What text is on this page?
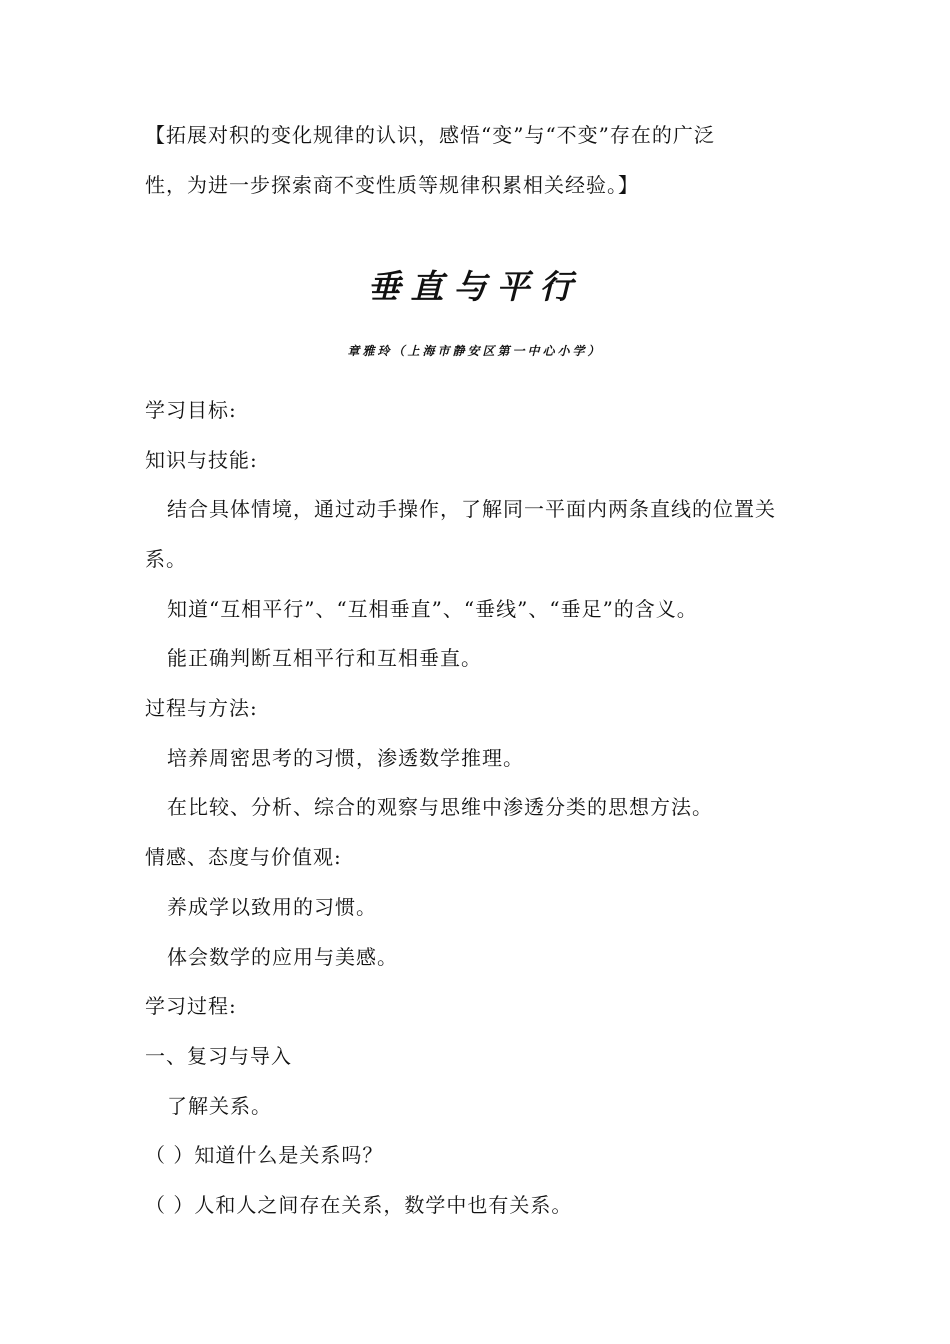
【拓展对积的变化规律的认识，感悟“变”与“不变”存在的广泛
性，为进一步探索商不变性质等规律积累相关经验。】
垂直与平行
章雅玲（上海市静安区第一中心小学）
学习目标:
知识与技能:
结合具体情境，通过动手操作，了解同一平面内两条直线的位置关
系。
知道“互相平行”、“互相垂直”、“垂线”、“垂足”的含义。
能正确判断互相平行和互相垂直。
过程与方法:
培养周密思考的习惯，渗透数学推理。
在比较、分析、综合的观察与思维中渗透分类的思想方法。
情感、态度与价值观:
养成学以致用的习惯。
体会数学的应用与美感。
学习过程:
一、复习与导入
了解关系。
（ ）知道什么是关系吗？
（ ）人和人之间存在关系，数学中也有关系。
